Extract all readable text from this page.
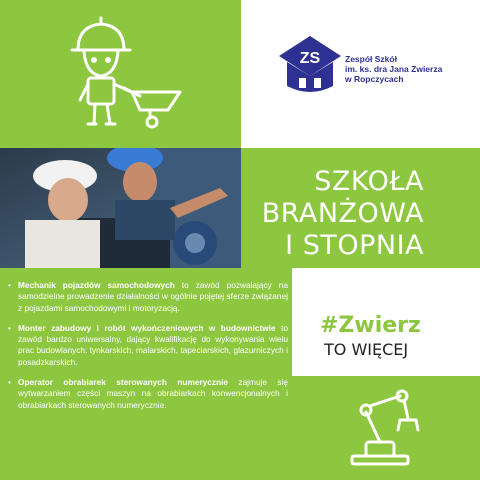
ZS	Zespół Szkół
im. ks. dra Jana Zwierza
w Ropczycach
SZKOŁA
BRANŻOWA
I STOPNIA
• Mechanik pojazdów samochodowych to zawód pozwalający na samodzielne prowadzenie działalności w ogólnie pojętej sferze związanej z pojazdami samochodowymi i motoryzacją.
• Monter zabudowy i robót wykończeniowych w budownictwie to zawód bardzo uniwersalny, dający kwalifikację do wykonywania wielu prac budowlanych: tynkarskich, malarskich, tapeciarskich, glazurniczych i posadzkarskich.
• Operator obrabiarek sterowanych numerycznie zajmuje się wytwarzaniem części maszyn na obrabiarkach konwencjonalnych i obrabiarkach sterowanych numerycznie.
#Zwierz
TO WIĘCEJ
